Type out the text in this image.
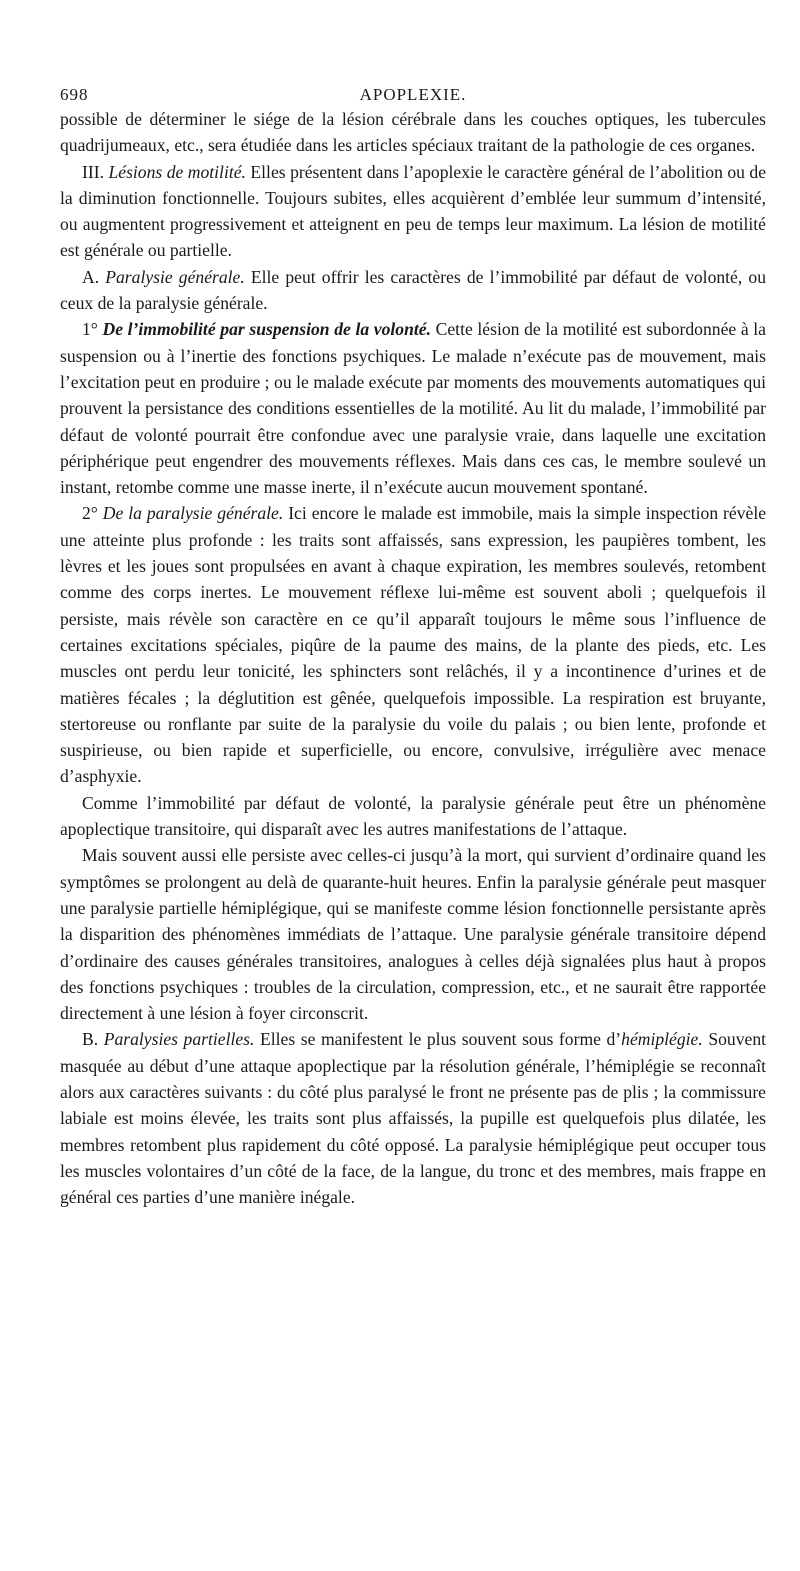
698	APOPLEXIE.

possible de déterminer le siége de la lésion cérébrale dans les couches optiques, les tubercules quadrijumeaux, etc., sera étudiée dans les articles spéciaux traitant de la pathologie de ces organes.

III. Lésions de motilité. Elles présentent dans l’apoplexie le caractère général de l’abolition ou de la diminution fonctionnelle. Toujours subites, elles acquièrent d’emblée leur summum d’intensité, ou augmentent progressivement et atteignent en peu de temps leur maximum. La lésion de motilité est générale ou partielle.

A. Paralysie générale. Elle peut offrir les caractères de l’immobilité par défaut de volonté, ou ceux de la paralysie générale.

1° De l’immobilité par suspension de la volonté. Cette lésion de la motilité est subordonnée à la suspension ou à l’inertie des fonctions psychiques. Le malade n’exécute pas de mouvement, mais l’excitation peut en produire ; ou le malade exécute par moments des mouvements automatiques qui prouvent la persistance des conditions essentielles de la motilité. Au lit du malade, l’immobilité par défaut de volonté pourrait être confondue avec une paralysie vraie, dans laquelle une excitation périphérique peut engendrer des mouvements réflexes. Mais dans ces cas, le membre soulevé un instant, retombe comme une masse inerte, il n’exécute aucun mouvement spontané.

2° De la paralysie générale. Ici encore le malade est immobile, mais la simple inspection révèle une atteinte plus profonde : les traits sont affaissés, sans expression, les paupières tombent, les lèvres et les joues sont propulsées en avant à chaque expiration, les membres soulevés, retombent comme des corps inertes. Le mouvement réflexe lui-même est souvent aboli ; quelquefois il persiste, mais révèle son caractère en ce qu’il apparaît toujours le même sous l’influence de certaines excitations spéciales, piqûre de la paume des mains, de la plante des pieds, etc. Les muscles ont perdu leur tonicité, les sphincters sont relâchés, il y a incontinence d’urines et de matières fécales ; la déglutition est gênée, quelquefois impossible. La respiration est bruyante, stertoreuse ou ronflante par suite de la paralysie du voile du palais ; ou bien lente, profonde et suspirieuse, ou bien rapide et superficielle, ou encore, convulsive, irrégulière avec menace d’asphyxie.

Comme l’immobilité par défaut de volonté, la paralysie générale peut être un phénomène apoplectique transitoire, qui disparaît avec les autres manifestations de l’attaque.

Mais souvent aussi elle persiste avec celles-ci jusqu’à la mort, qui survient d’ordinaire quand les symptômes se prolongent au delà de quarante-huit heures. Enfin la paralysie générale peut masquer une paralysie partielle hémiplégique, qui se manifeste comme lésion fonctionnelle persistante après la disparition des phénomènes immédiats de l’attaque. Une paralysie générale transitoire dépend d’ordinaire des causes générales transitoires, analogues à celles déjà signalées plus haut à propos des fonctions psychiques : troubles de la circulation, compression, etc., et ne saurait être rapportée directement à une lésion à foyer circonscrit.

B. Paralysies partielles. Elles se manifestent le plus souvent sous forme d’hémiplégie. Souvent masquée au début d’une attaque apoplectique par la résolution générale, l’hémiplégie se reconnaît alors aux caractères suivants : du côté plus paralysé le front ne présente pas de plis ; la commissure labiale est moins élevée, les traits sont plus affaissés, la pupille est quelquefois plus dilatée, les membres retombent plus rapidement du côté opposé. La paralysie hémiplégique peut occuper tous les muscles volontaires d’un côté de la face, de la langue, du tronc et des membres, mais frappe en général ces parties d’une manière inégale.
